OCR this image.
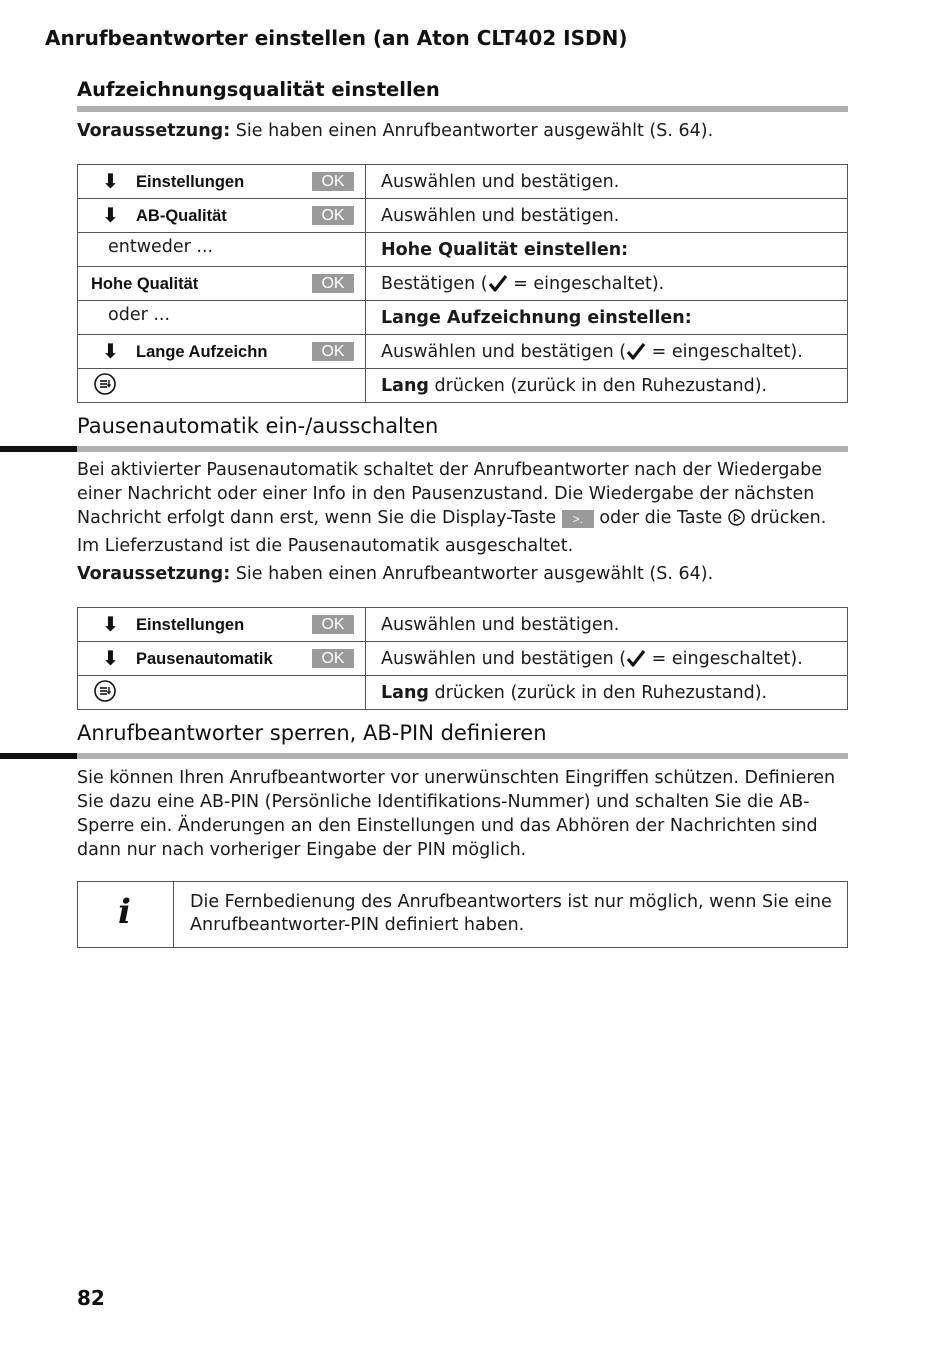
Anrufbeantworter einstellen (an Aton CLT402 ISDN)
Aufzeichnungsqualität einstellen
Voraussetzung: Sie haben einen Anrufbeantworter ausgewählt (S. 64).
⬇ Einstellungen OK	Auswählen und bestätigen.

⬇ AB-Qualität OK	Auswählen und bestätigen.

entweder ...	Hohe Qualität einstellen:

Hohe Qualität OK	Bestätigen ( = eingeschaltet).

oder ...	Lange Aufzeichnung einstellen:

⬇ Lange Aufzeichn OK	Auswählen und bestätigen ( = eingeschaltet).

	Lang drücken (zurück in den Ruhezustand).
Pausenautomatik ein-/ausschalten
Bei aktivierter Pausenautomatik schaltet der Anrufbeantworter nach der Wiedergabe einer Nachricht oder einer Info in den Pausenzustand. Die Wiedergabe der nächsten Nachricht erfolgt dann erst, wenn Sie die Display-Taste >. oder die Taste  drücken.
Im Lieferzustand ist die Pausenautomatik ausgeschaltet.
Voraussetzung: Sie haben einen Anrufbeantworter ausgewählt (S. 64).
⬇ Einstellungen OK	Auswählen und bestätigen.

⬇ Pausenautomatik OK	Auswählen und bestätigen ( = eingeschaltet).

	Lang drücken (zurück in den Ruhezustand).
Anrufbeantworter sperren, AB-PIN definieren
Sie können Ihren Anrufbeantworter vor unerwünschten Eingriffen schützen. Definieren Sie dazu eine AB-PIN (Persönliche Identifikations-Nummer) und schalten Sie die AB-Sperre ein. Änderungen an den Einstellungen und das Abhören der Nachrichten sind dann nur nach vorheriger Eingabe der PIN möglich.
i	Die Fernbedienung des Anrufbeantworters ist nur möglich, wenn Sie eine Anrufbeantworter-PIN definiert haben.
82
